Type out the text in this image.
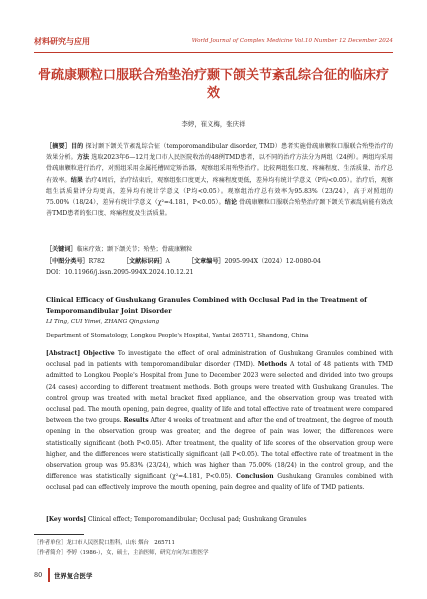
材料研究与应用	World Journal of Complex Medicine Vol.10 Number 12 December 2024
骨疏康颗粒口服联合殆垫治疗颞下颌关节紊乱综合征的临床疗效
李婷，崔义梅，张庆祥
［摘要］目的 探讨颞下颌关节紊乱综合征（temporomandibular disorder, TMD）患者实施骨疏康颗粒口服联合殆垫治疗的效果分析。方法 选取2023年6—12月龙口市人民医院收治的48例TMD患者，以不同的治疗方法分为两组（24例）。两组均采用骨疏康颗粒进行治疗，对照组采用金属托槽固定矫治器，观察组采用殆垫治疗。比较两组张口度、疼痛程度、生活质量、治疗总有效率。结果 治疗4周后，治疗结束后，观察组张口度更大，疼痛程度更低，差异均有统计学意义（P均<0.05）。治疗后，观察组生活质量评分均更高，差异均有统计学意义（P均<0.05）。观察组治疗总有效率为95.83%（23/24），高于对照组的75.00%（18/24），差异有统计学意义（χ²=4.181，P<0.05）。结论 骨疏康颗粒口服联合殆垫治疗颞下颌关节紊乱病能有效改善TMD患者的张口度、疼痛程度及生活质量。
［关键词］临床疗效；颞下颌关节；殆垫；骨疏康颗粒
［中图分类号］R782	［文献标识码］A	［文章编号］2095-994X（2024）12-0080-04
DOI：10.11966/j.issn.2095-994X.2024.10.12.21
Clinical Efficacy of Gushukang Granules Combined with Occlusal Pad in the Treatment of Temporomandibular Joint Disorder
LI Ting, CUI Yimei, ZHANG Qingxiang
Department of Stomatology, Longkou People's Hospital, Yantai 265711, Shandong, China
[Abstract] Objective To investigate the effect of oral administration of Gushukang Granules combined with occlusal pad in patients with temporomandibular disorder (TMD). Methods A total of 48 patients with TMD admitted to Longkou People's Hospital from June to December 2023 were selected and divided into two groups (24 cases) according to different treatment methods. Both groups were treated with Gushukang Granules. The control group was treated with metal bracket fixed appliance, and the observation group was treated with occlusal pad. The mouth opening, pain degree, quality of life and total effective rate of treatment were compared between the two groups. Results After 4 weeks of treatment and after the end of treatment, the degree of mouth opening in the observation group was greater, and the degree of pain was lower, the differences were statistically significant (both P<0.05). After treatment, the quality of life scores of the observation group were higher, and the differences were statistically significant (all P<0.05). The total effective rate of treatment in the observation group was 95.83% (23/24), which was higher than 75.00% (18/24) in the control group, and the difference was statistically significant (χ²=4.181, P<0.05). Conclusion Gushukang Granules combined with occlusal pad can effectively improve the mouth opening, pain degree and quality of life of TMD patients.
[Key words] Clinical effect; Temporomandibular; Occlusal pad; Gushukang Granules
［作者单位］龙口市人民医院口腔科，山东 烟台　265711
［作者简介］李婷（1986-），女，硕士，主治医师，研究方向为口腔医学
80 世界复合医学
